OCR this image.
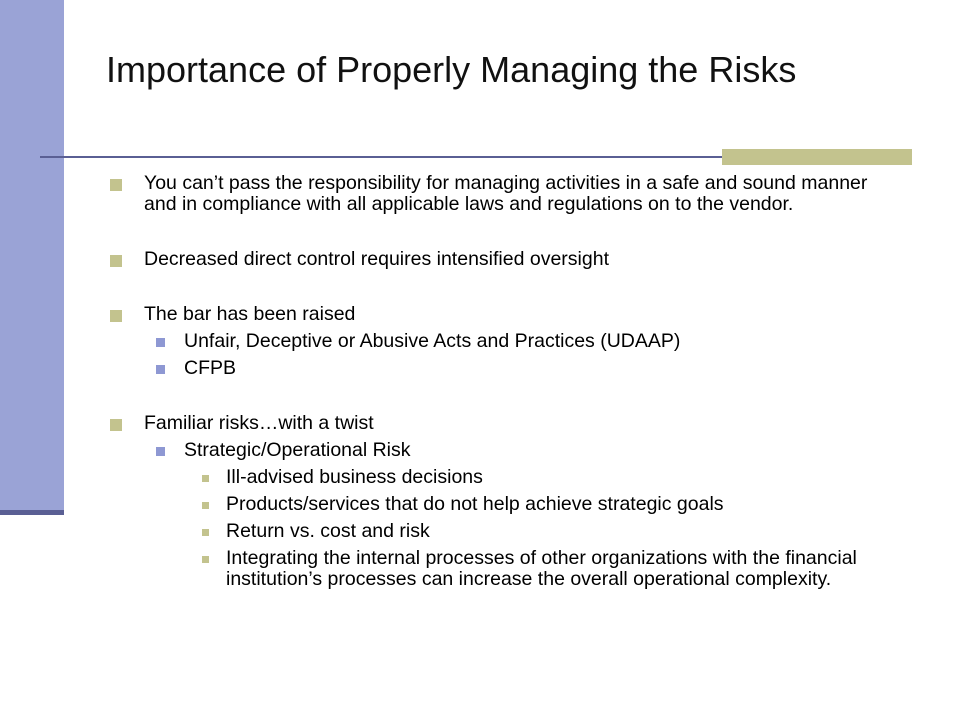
Importance of Properly Managing the Risks
You can’t pass the responsibility for managing activities in a safe and sound manner and in compliance with all applicable laws and regulations on to the vendor.
Decreased direct control requires intensified oversight
The bar has been raised
Unfair, Deceptive or Abusive Acts and Practices (UDAAP)
CFPB
Familiar risks…with a twist
Strategic/Operational Risk
Ill-advised business decisions
Products/services that do not help achieve strategic goals
Return vs. cost and risk
Integrating the internal processes of other organizations with the financial institution’s processes can increase the overall operational complexity.
